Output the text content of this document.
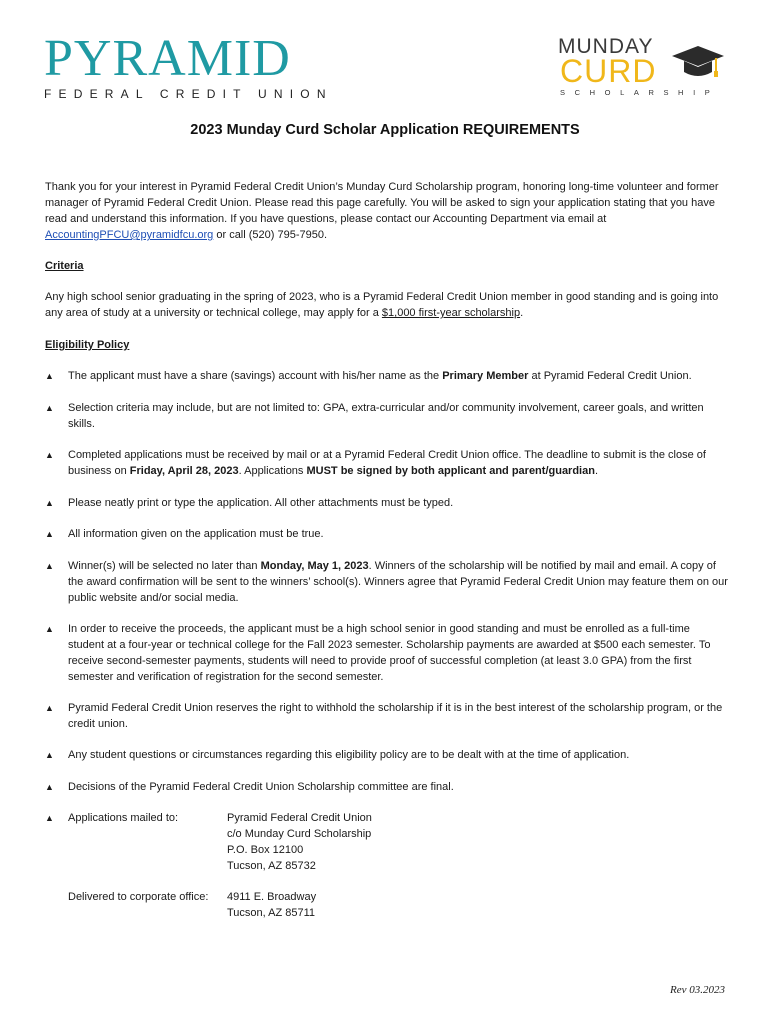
PYRAMID
FEDERAL CREDIT UNION
MUNDAY
CURD
SCHOLARSHIP
2023 Munday Curd Scholar Application REQUIREMENTS
Thank you for your interest in Pyramid Federal Credit Union’s Munday Curd Scholarship program, honoring long-time volunteer and former manager of Pyramid Federal Credit Union. Please read this page carefully. You will be asked to sign your application stating that you have read and understand this information. If you have questions, please contact our Accounting Department via email at AccountingPFCU@pyramidfcu.org or call (520) 795-7950.
Criteria
Any high school senior graduating in the spring of 2023, who is a Pyramid Federal Credit Union member in good standing and is going into any area of study at a university or technical college, may apply for a $1,000 first-year scholarship.
Eligibility Policy
▲ The applicant must have a share (savings) account with his/her name as the Primary Member at Pyramid Federal Credit Union.
▲ Selection criteria may include, but are not limited to: GPA, extra-curricular and/or community involvement, career goals, and written skills.
▲ Completed applications must be received by mail or at a Pyramid Federal Credit Union office. The deadline to submit is the close of business on Friday, April 28, 2023. Applications MUST be signed by both applicant and parent/guardian.
▲ Please neatly print or type the application. All other attachments must be typed.
▲ All information given on the application must be true.
▲ Winner(s) will be selected no later than Monday, May 1, 2023. Winners of the scholarship will be notified by mail and email. A copy of the award confirmation will be sent to the winners’ school(s). Winners agree that Pyramid Federal Credit Union may feature them on our public website and/or social media.
▲ In order to receive the proceeds, the applicant must be a high school senior in good standing and must be enrolled as a full-time student at a four-year or technical college for the Fall 2023 semester. Scholarship payments are awarded at $500 each semester. To receive second-semester payments, students will need to provide proof of successful completion (at least 3.0 GPA) from the first semester and verification of registration for the second semester.
▲ Pyramid Federal Credit Union reserves the right to withhold the scholarship if it is in the best interest of the scholarship program, or the credit union.
▲ Any student questions or circumstances regarding this eligibility policy are to be dealt with at the time of application.
▲ Decisions of the Pyramid Federal Credit Union Scholarship committee are final.
▲ Applications mailed to:	Pyramid Federal Credit Union
c/o Munday Curd Scholarship
P.O. Box 12100
Tucson, AZ 85732
Delivered to corporate office: 4911 E. Broadway
Tucson, AZ 85711
Rev 03.2023
